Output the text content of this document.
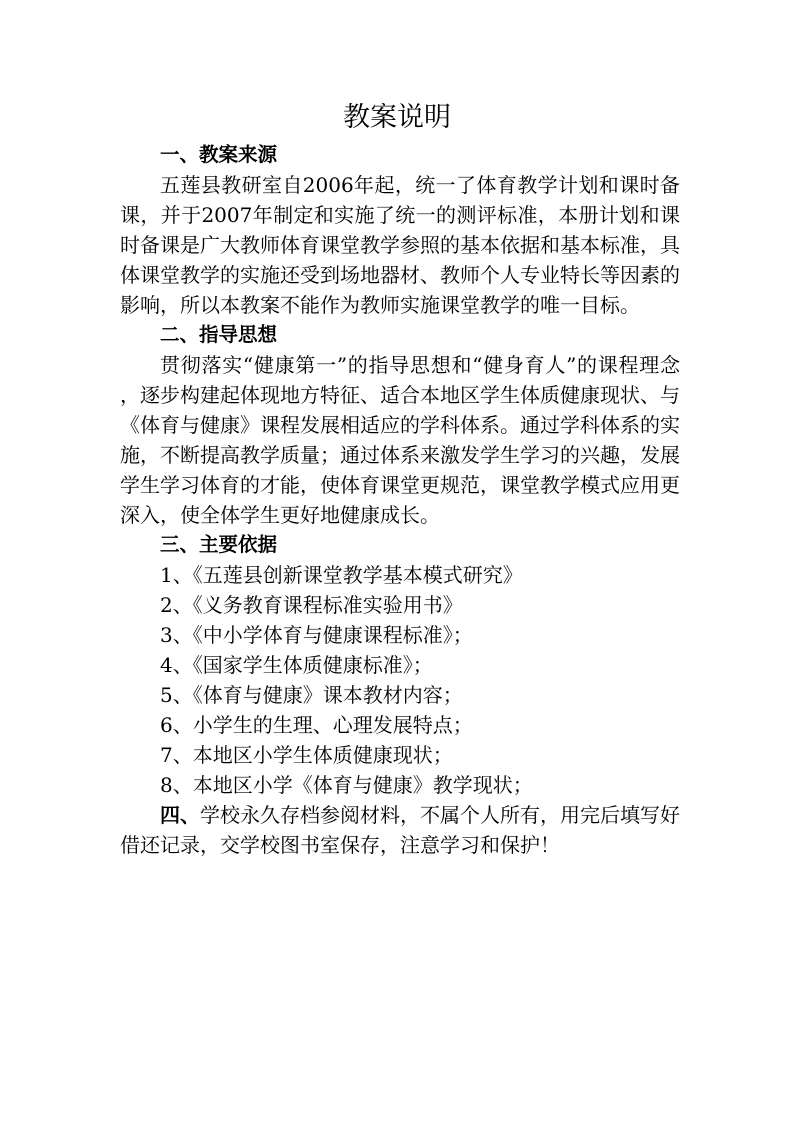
教案说明
一、教案来源

五莲县教研室自2006年起，统一了体育教学计划和课时备课，并于2007年制定和实施了统一的测评标准，本册计划和课时备课是广大教师体育课堂教学参照的基本依据和基本标准，具体课堂教学的实施还受到场地器材、教师个人专业特长等因素的影响，所以本教案不能作为教师实施课堂教学的唯一目标。

二、指导思想

贯彻落实“健康第一”的指导思想和“健身育人”的课程理念，逐步构建起体现地方特征、适合本地区学生体质健康现状、与《体育与健康》课程发展相适应的学科体系。通过学科体系的实施，不断提高教学质量；通过体系来激发学生学习的兴趣，发展学生学习体育的才能，使体育课堂更规范，课堂教学模式应用更深入，使全体学生更好地健康成长。

三、主要依据
1、《五莲县创新课堂教学基本模式研究》
2、《义务教育课程标准实验用书》
3、《中小学体育与健康课程标准》；
4、《国家学生体质健康标准》；
5、《体育与健康》课本教材内容；
6、小学生的生理、心理发展特点；
7、本地区小学生体质健康现状；
8、本地区小学《体育与健康》教学现状；

四、学校永久存档参阅材料，不属个人所有，用完后填写好借还记录，交学校图书室保存，注意学习和保护！
